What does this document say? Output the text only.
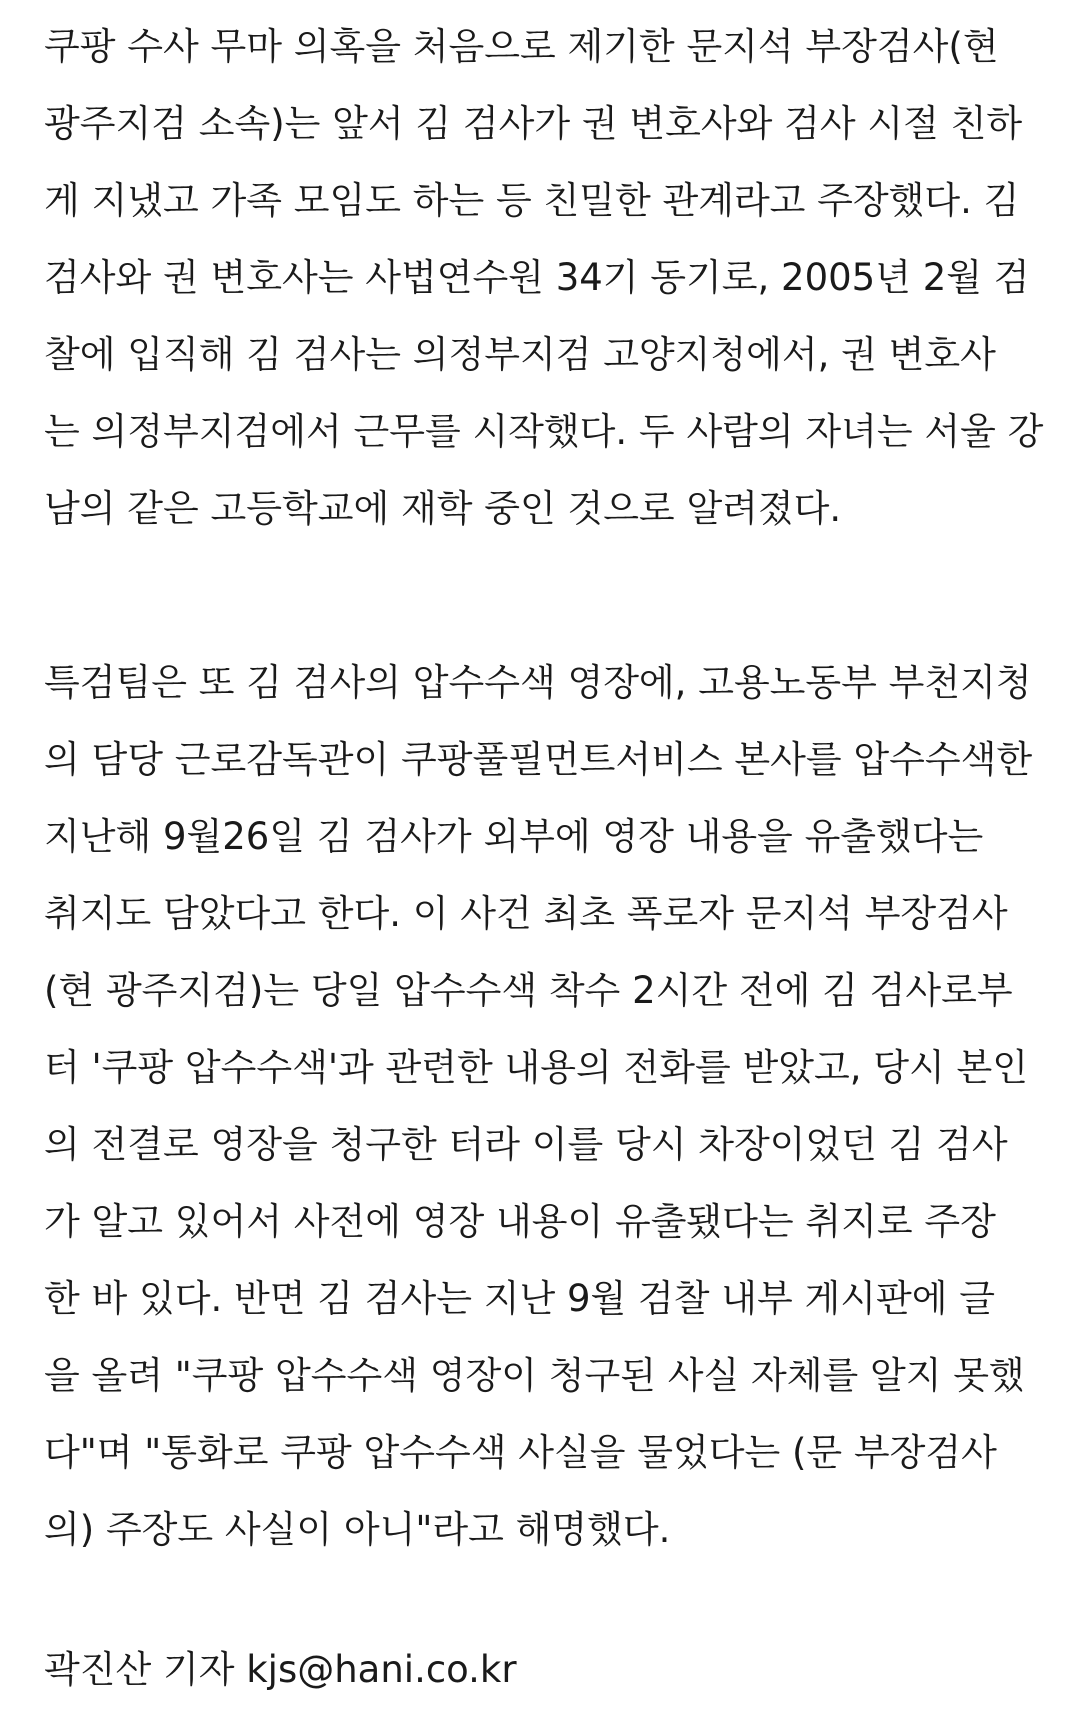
쿠팡 수사 무마 의혹을 처음으로 제기한 문지석 부장검사(현
광주지검 소속)는 앞서 김 검사가 권 변호사와 검사 시절 친하
게 지냈고 가족 모임도 하는 등 친밀한 관계라고 주장했다. 김
검사와 권 변호사는 사법연수원 34기 동기로, 2005년 2월 검
찰에 입직해 김 검사는 의정부지검 고양지청에서, 권 변호사
는 의정부지검에서 근무를 시작했다. 두 사람의 자녀는 서울 강
남의 같은 고등학교에 재학 중인 것으로 알려졌다.
특검팀은 또 김 검사의 압수수색 영장에, 고용노동부 부천지청
의 담당 근로감독관이 쿠팡풀필먼트서비스 본사를 압수수색한
지난해 9월26일 김 검사가 외부에 영장 내용을 유출했다는
취지도 담았다고 한다. 이 사건 최초 폭로자 문지석 부장검사
(현 광주지검)는 당일 압수수색 착수 2시간 전에 김 검사로부
터 '쿠팡 압수수색'과 관련한 내용의 전화를 받았고, 당시 본인
의 전결로 영장을 청구한 터라 이를 당시 차장이었던 김 검사
가 알고 있어서 사전에 영장 내용이 유출됐다는 취지로 주장
한 바 있다. 반면 김 검사는 지난 9월 검찰 내부 게시판에 글
을 올려 "쿠팡 압수수색 영장이 청구된 사실 자체를 알지 못했
다"며 "통화로 쿠팡 압수수색 사실을 물었다는 (문 부장검사
의) 주장도 사실이 아니"라고 해명했다.
곽진산 기자 kjs@hani.co.kr
